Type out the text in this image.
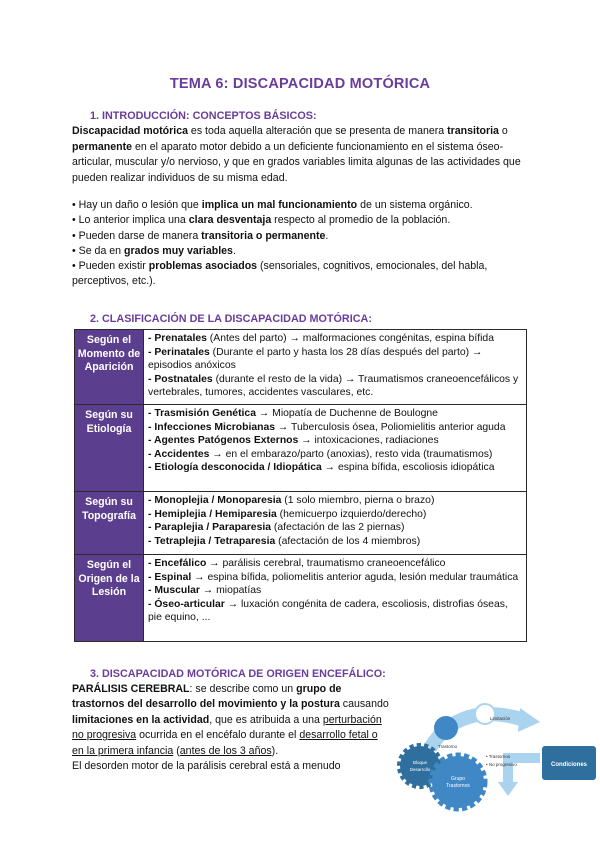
TEMA 6: DISCAPACIDAD MOTÓRICA
1. INTRODUCCIÓN: CONCEPTOS BÁSICOS:
Discapacidad motórica es toda aquella alteración que se presenta de manera transitoria o permanente en el aparato motor debido a un deficiente funcionamiento en el sistema óseo- articular, muscular y/o nervioso, y que en grados variables limita algunas de las actividades que pueden realizar individuos de su misma edad.
• Hay un daño o lesión que implica un mal funcionamiento de un sistema orgánico.
• Lo anterior implica una clara desventaja respecto al promedio de la población.
• Pueden darse de manera transitoria o permanente.
• Se da en grados muy variables.
• Pueden existir problemas asociados (sensoriales, cognitivos, emocionales, del habla, perceptivos, etc.).
2. CLASIFICACIÓN DE LA DISCAPACIDAD MOTÓRICA:
Según el Momento de Aparición	- Prenatales (Antes del parto) → malformaciones congénitas, espina bífida
- Perinatales (Durante el parto y hasta los 28 días después del parto) → episodios anóxicos
- Postnatales (durante el resto de la vida) → Traumatismos craneoencefálicos y vertebrales, tumores, accidentes vasculares, etc.

Según su Etiología	- Trasmisión Genética → Miopatía de Duchenne de Boulogne
- Infecciones Microbianas → Tuberculosis ósea, Poliomielitis anterior aguda
- Agentes Patógenos Externos → intoxicaciones, radiaciones
- Accidentes → en el embarazo/parto (anoxias), resto vida (traumatismos)
- Etiología desconocida / Idiopática → espina bífida, escoliosis idiopática

Según su Topografía	- Monoplejia / Monoparesia (1 solo miembro, pierna o brazo)
- Hemiplejia / Hemiparesia (hemicuerpo izquierdo/derecho)
- Paraplejia / Paraparesia (afectación de las 2 piernas)
- Tetraplejia / Tetraparesia (afectación de los 4 miembros)

Según el Origen de la Lesión	- Encefálico → parálisis cerebral, traumatismo craneoencefálico
- Espinal → espina bífida, poliomelitis anterior aguda, lesión medular traumática
- Muscular → miopatías
- Óseo-articular → luxación congénita de cadera, escoliosis, distrofias óseas, pie equino, ...
3. DISCAPACIDAD MOTÓRICA DE ORIGEN ENCEFÁLICO:
PARÁLISIS CEREBRAL: se describe como un grupo de trastornos del desarrollo del movimiento y la postura causando limitaciones en la actividad, que es atribuida a una perturbación no progresiva ocurrida en el encéfalo durante el desarrollo fetal o en la primera infancia (antes de los 3 años).
El desorden motor de la parálisis cerebral está a menudo
Trastorno
Limitación
Bloque
Desarrollo
Grupo
Trastornos
• Trastornos
• No progresivo	Condiciones
